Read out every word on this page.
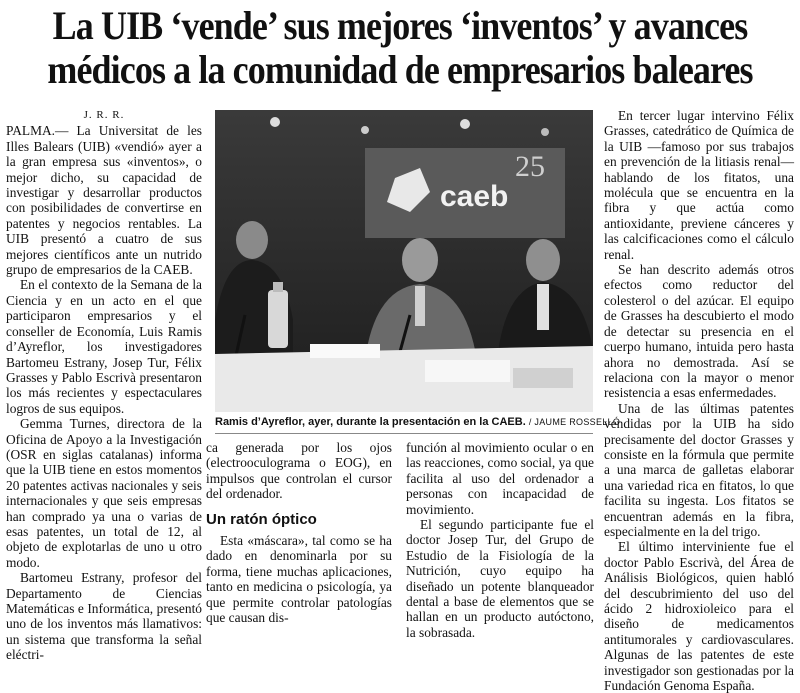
La UIB ‘vende’ sus mejores ‘inventos’ y avances
médicos a la comunidad de empresarios baleares

J. R. R.

PALMA.— La Universitat de les Illes Balears (UIB) «vendió» ayer a la gran empresa sus «inventos», o mejor dicho, su capacidad de investigar y desarrollar productos con posibilidades de convertirse en patentes y negocios rentables. La UIB presentó a cuatro de sus mejores científicos ante un nutrido grupo de empresarios de la CAEB.

En el contexto de la Semana de la Ciencia y en un acto en el que participaron empresarios y el conseller de Economía, Luis Ramis d’Ayreflor, los investigadores Bartomeu Estrany, Josep Tur, Félix Grasses y Pablo Escrivà presentaron los más recientes y espectaculares logros de sus equipos.

Gemma Turnes, directora de la Oficina de Apoyo a la Investigación (OSR en siglas catalanas) informa que la UIB tiene en estos momentos 20 patentes activas nacionales y seis internacionales y que seis empresas han comprado ya una o varias de esas patentes, un total de 12, al objeto de explotarlas de uno u otro modo.

Bartomeu Estrany, profesor del Departamento de Ciencias Matemáticas e Informática, presentó uno de los inventos más llamativos: un sistema que transforma la señal eléctri-

caeb
25
Ramis d’Ayreflor, ayer, durante la presentación en la CAEB. / JAUME ROSSELLÓ

ca generada por los ojos (electrooculograma o EOG), en impulsos que controlan el cursor del ordenador.

Un ratón óptico

Esta «máscara», tal como se ha dado en denominarla por su forma, tiene muchas aplicaciones, tanto en medicina o psicología, ya que permite controlar patologías que causan dis-

función al movimiento ocular o en las reacciones, como social, ya que facilita al uso del ordenador a personas con incapacidad de movimiento.

El segundo participante fue el doctor Josep Tur, del Grupo de Estudio de la Fisiología de la Nutrición, cuyo equipo ha diseñado un potente blanqueador dental a base de elementos que se hallan en un producto autóctono, la sobrasada.

En tercer lugar intervino Félix Grasses, catedrático de Química de la UIB —famoso por sus trabajos en prevención de la litiasis renal— hablando de los fitatos, una molécula que se encuentra en la fibra y que actúa como antioxidante, previene cánceres y las calcificaciones como el cálculo renal.

Se han descrito además otros efectos como reductor del colesterol o del azúcar. El equipo de Grasses ha descubierto el modo de detectar su presencia en el cuerpo humano, intuida pero hasta ahora no demostrada. Así se relaciona con la mayor o menor resistencia a esas enfermedades.

Una de las últimas patentes vendidas por la UIB ha sido precisamente del doctor Grasses y consiste en la fórmula que permite a una marca de galletas elaborar una variedad rica en fitatos, lo que facilita su ingesta. Los fitatos se encuentran además en la fibra, especialmente en la del trigo.

El último interviniente fue el doctor Pablo Escrivà, del Área de Análisis Biológicos, quien habló del descubrimiento del uso del ácido 2 hidroxioleico para el diseño de medicamentos antitumorales y cardiovasculares. Algunas de las patentes de este investigador son gestionadas por la Fundación Genoma España.
